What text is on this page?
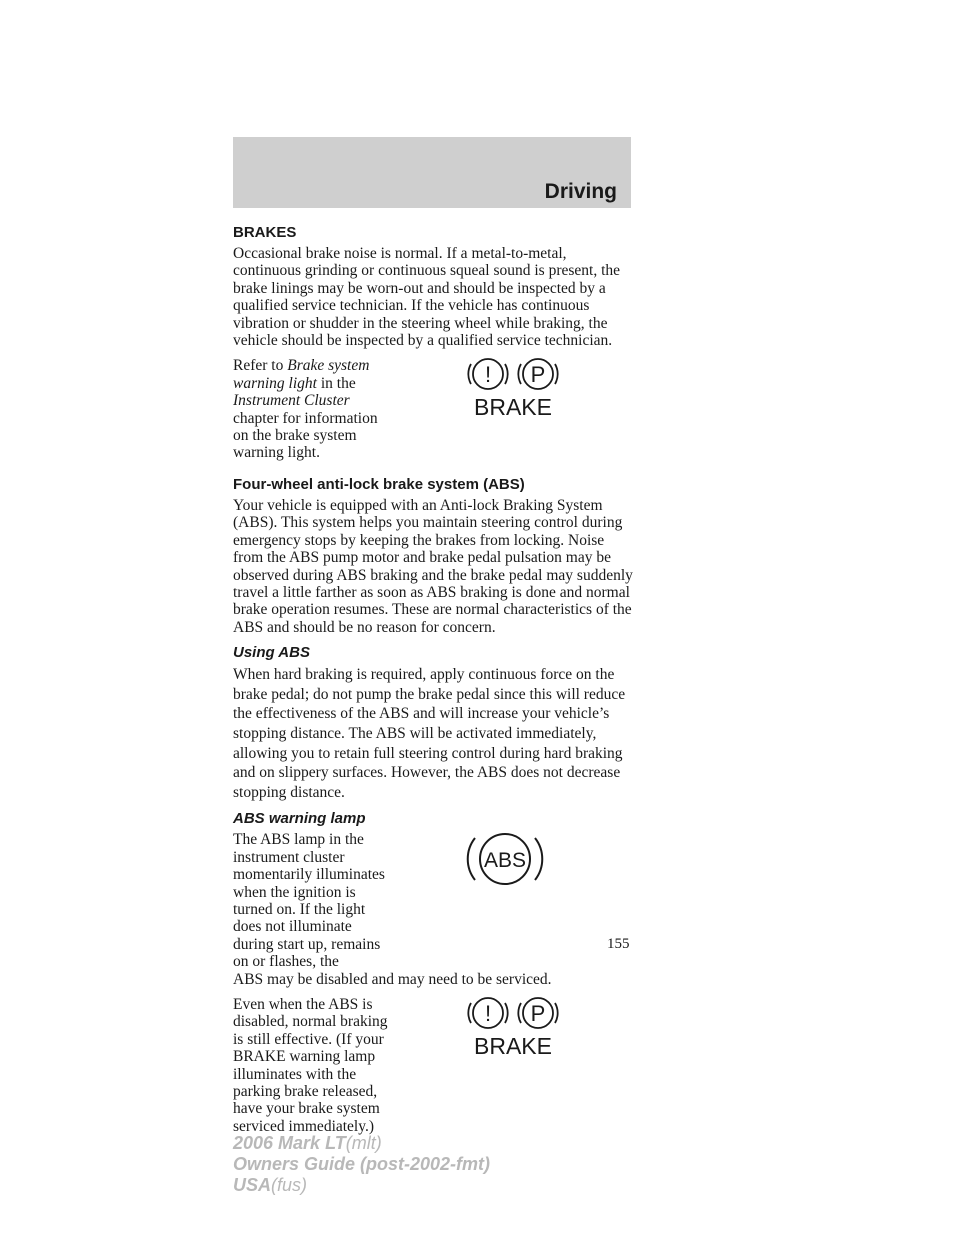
Driving
BRAKES

Occasional brake noise is normal. If a metal-to-metal, continuous grinding or continuous squeal sound is present, the brake linings may be worn-out and should be inspected by a qualified service technician. If the vehicle has continuous vibration or shudder in the steering wheel while braking, the vehicle should be inspected by a qualified service technician.

Refer to Brake system warning light in the Instrument Cluster chapter for information on the brake system warning light.

! P
BRAKE
Four-wheel anti-lock brake system (ABS)

Your vehicle is equipped with an Anti-lock Braking System (ABS). This system helps you maintain steering control during emergency stops by keeping the brakes from locking. Noise from the ABS pump motor and brake pedal pulsation may be observed during ABS braking and the brake pedal may suddenly travel a little farther as soon as ABS braking is done and normal brake operation resumes. These are normal characteristics of the ABS and should be no reason for concern.

Using ABS

When hard braking is required, apply continuous force on the brake pedal; do not pump the brake pedal since this will reduce the effectiveness of the ABS and will increase your vehicle’s stopping distance. The ABS will be activated immediately, allowing you to retain full steering control during hard braking and on slippery surfaces. However, the ABS does not decrease stopping distance.

ABS warning lamp

The ABS lamp in the instrument cluster momentarily illuminates when the ignition is turned on. If the light does not illuminate during start up, remains on or flashes, the

ABS

ABS may be disabled and may need to be serviced.

Even when the ABS is disabled, normal braking is still effective. (If your BRAKE warning lamp illuminates with the parking brake released, have your brake system serviced immediately.)

! P
BRAKE
155
2006 Mark LT(mlt)
Owners Guide (post-2002-fmt)
USA(fus)
